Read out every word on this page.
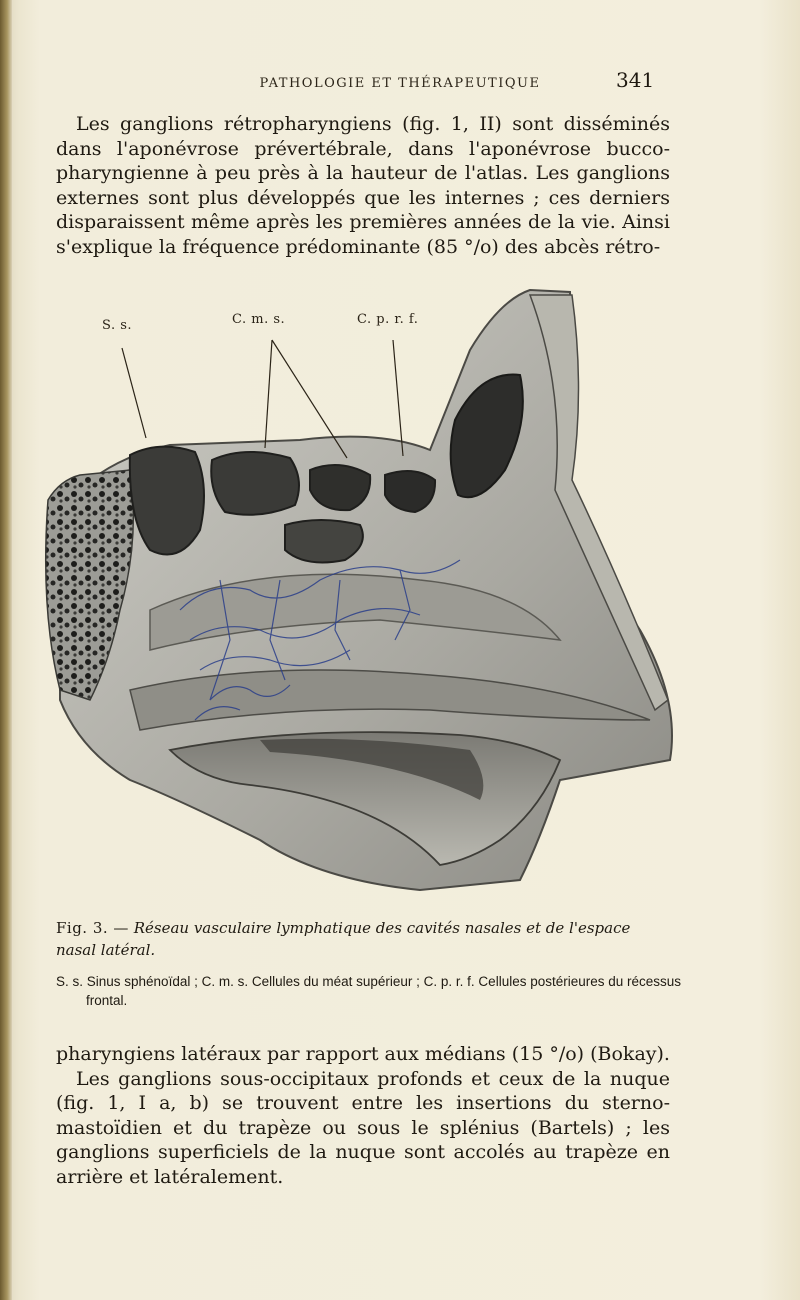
PATHOLOGIE ET THÉRAPEUTIQUE	341

Les ganglions rétropharyngiens (fig. 1, II) sont disséminés dans l'aponévrose prévertébrale, dans l'aponévrose bucco-pharyngienne à peu près à la hauteur de l'atlas. Les ganglions externes sont plus développés que les internes ; ces derniers disparaissent même après les premières années de la vie. Ainsi s'explique la fréquence prédominante (85 °/o) des abcès rétro-

S. s.	C. m. s.	C. p. r. f.
Fig. 3. — Réseau vasculaire lymphatique des cavités nasales et de l'espace nasal latéral.
S. s. Sinus sphénoïdal ; C. m. s. Cellules du méat supérieur ; C. p. r. f. Cellules postérieures du récessus frontal.

pharyngiens latéraux par rapport aux médians (15 °/o) (Bokay).

Les ganglions sous-occipitaux profonds et ceux de la nuque (fig. 1, I a, b) se trouvent entre les insertions du sterno-mastoïdien et du trapèze ou sous le splénius (Bartels) ; les ganglions superficiels de la nuque sont accolés au trapèze en arrière et latéralement.
